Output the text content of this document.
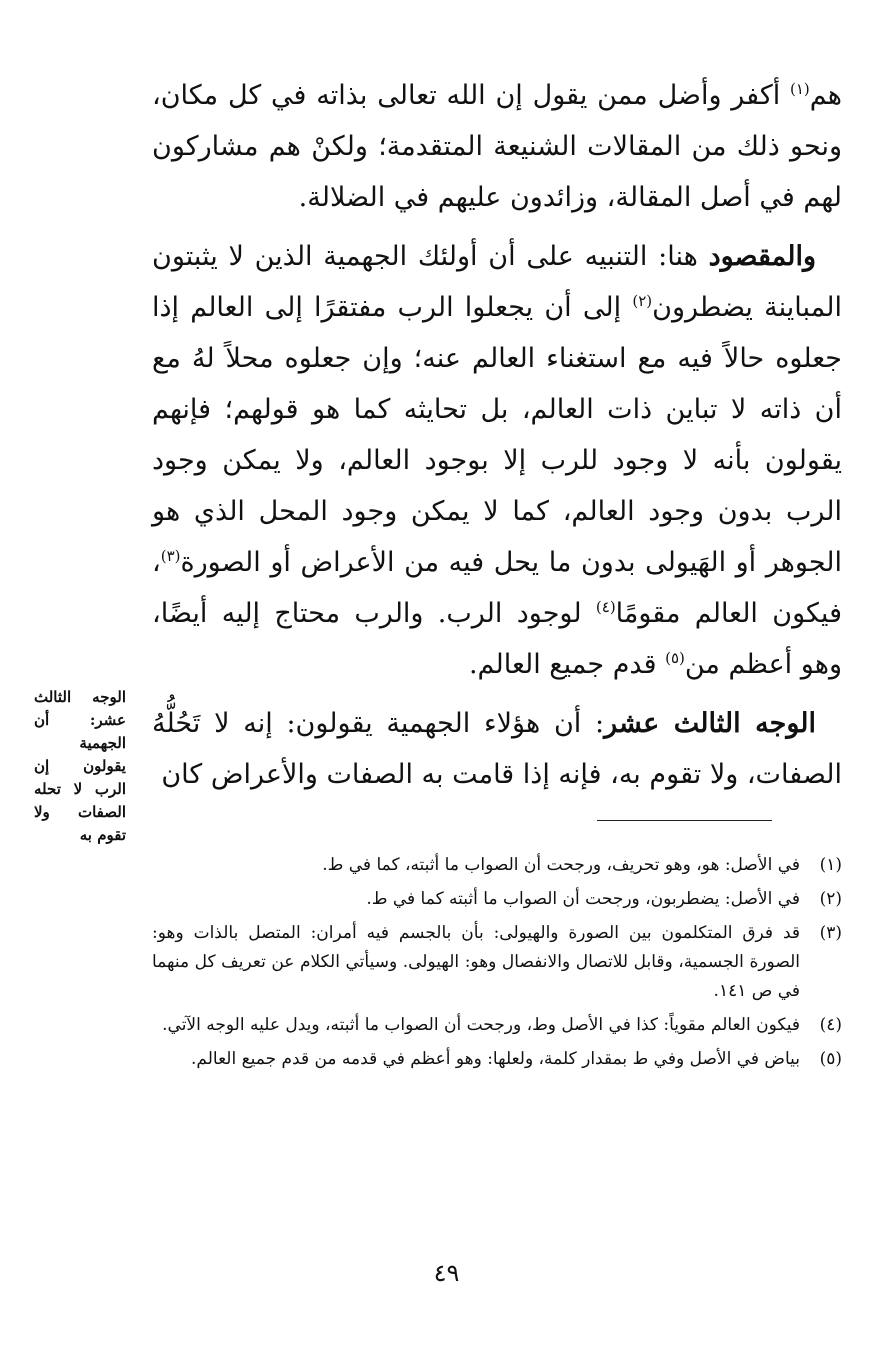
هم$^{(١)}$ أكفر وأضل ممن يقول إن الله تعالى بذاته في كل مكان، ونحو ذلك من المقالات الشنيعة المتقدمة؛ ولكنْ هم مشاركون لهم في أصل المقالة، وزائدون عليهم في الضلالة.

والمقصود هنا: التنبيه على أن أولئك الجهمية الذين لا يثبتون المباينة يضطرون$^{(٢)}$ إلى أن يجعلوا الرب مفتقرًا إلى العالم إذا جعلوه حالاً فيه مع استغناء العالم عنه؛ وإن جعلوه محلاً لهُ مع أن ذاته لا تباين ذات العالم، بل تحايثه كما هو قولهم؛ فإنهم يقولون بأنه لا وجود للرب إلا بوجود العالم، ولا يمكن وجود الرب بدون وجود العالم، كما لا يمكن وجود المحل الذي هو الجوهر أو الهَيولى بدون ما يحل فيه من الأعراض أو الصورة$^{(٣)}$، فيكون العالم مقومًا$^{(٤)}$ لوجود الرب. والرب محتاج إليه أيضًا، وهو أعظم من$^{(٥)}$ قدم جميع العالم.

الوجه الثالث عشر: أن هؤلاء الجهمية يقولون: إنه لا تَحُلُّهُ الصفات، ولا تقوم به، فإنه إذا قامت به الصفات والأعراض كان

الوجه الثالث عشر: أن الجهمية يقولون إن الرب لا تحله الصفات ولا تقوم به
(١)
في الأصل: هو، وهو تحريف، ورجحت أن الصواب ما أثبته، كما في ط.
(٢)
في الأصل: يضطربون، ورجحت أن الصواب ما أثبته كما في ط.
(٣)
قد فرق المتكلمون بين الصورة والهيولى: بأن بالجسم فيه أمران: المتصل بالذات وهو: الصورة الجسمية، وقابل للاتصال والانفصال وهو: الهيولى. وسيأتي الكلام عن تعريف كل منهما في ص ١٤١.
(٤)
فيكون العالم مقوياً: كذا في الأصل وط، ورجحت أن الصواب ما أثبته، ويدل عليه الوجه الآتي.
(٥)
بياض في الأصل وفي ط بمقدار كلمة، ولعلها: وهو أعظم في قدمه من قدم جميع العالم.
٤٩
